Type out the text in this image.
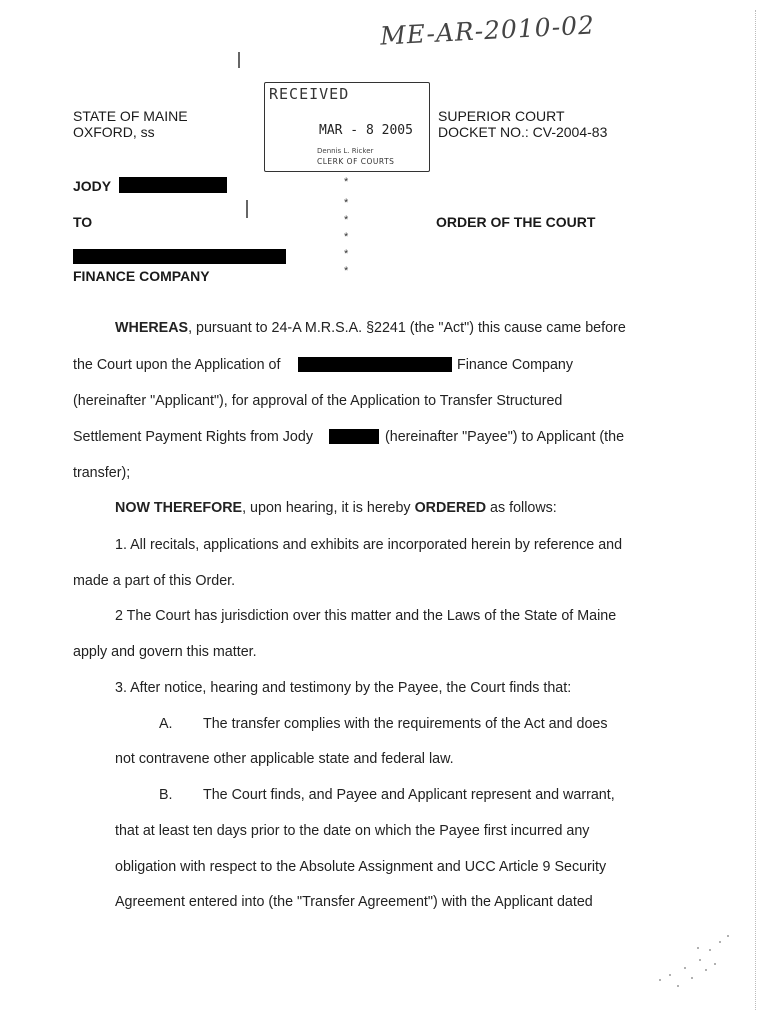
ME-AR-2010-02
STATE OF MAINE
OXFORD, ss
SUPERIOR COURT
DOCKET NO.: CV-2004-83
RECEIVED
MAR - 8 2005
Dennis L. Ricker
CLERK OF COURTS
JODY
TO	ORDER OF THE COURT
FINANCE COMPANY
*
*
*
*
*
*
WHEREAS, pursuant to 24-A M.R.S.A. §2241 (the "Act") this cause came before
the Court upon the Application of	Finance Company
(hereinafter "Applicant"), for approval of the Application to Transfer Structured
Settlement Payment Rights from Jody	(hereinafter "Payee") to Applicant (the
transfer);
NOW THEREFORE, upon hearing, it is hereby ORDERED as follows:
1. All recitals, applications and exhibits are incorporated herein by reference and
made a part of this Order.
2 The Court has jurisdiction over this matter and the Laws of the State of Maine
apply and govern this matter.
3. After notice, hearing and testimony by the Payee, the Court finds that:
A. The transfer complies with the requirements of the Act and does
not contravene other applicable state and federal law.
B. The Court finds, and Payee and Applicant represent and warrant,
that at least ten days prior to the date on which the Payee first incurred any
obligation with respect to the Absolute Assignment and UCC Article 9 Security
Agreement entered into (the "Transfer Agreement") with the Applicant dated
